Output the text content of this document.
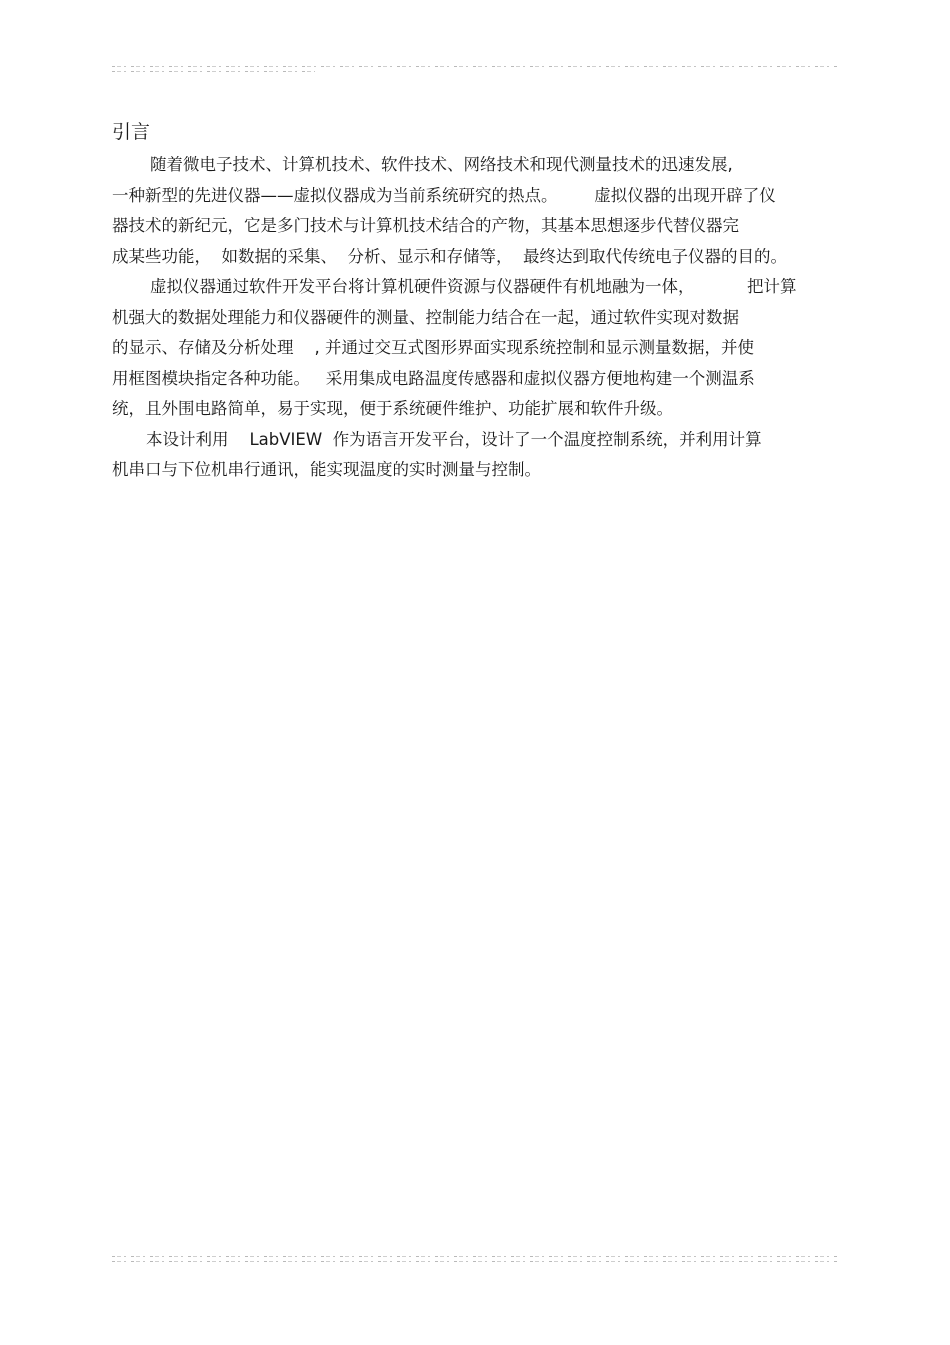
引言
随着微电子技术、计算机技术、软件技术、网络技术和现代测量技术的迅速发展,
一种新型的先进仪器——虚拟仪器成为当前系统研究的热点。       虚拟仪器的出现开辟了仪
器技术的新纪元，它是多门技术与计算机技术结合的产物，其基本思想逐步代替仪器完
成某些功能，  如数据的采集、  分析、显示和存储等，  最终达到取代传统电子仪器的目的。
虚拟仪器通过软件开发平台将计算机硬件资源与仪器硬件有机地融为一体，          把计算
机强大的数据处理能力和仪器硬件的测量、控制能力结合在一起，通过软件实现对数据
的显示、存储及分析处理    , 并通过交互式图形界面实现系统控制和显示测量数据，并使
用框图模块指定各种功能。   采用集成电路温度传感器和虚拟仪器方便地构建一个测温系
统，且外围电路简单，易于实现，便于系统硬件维护、功能扩展和软件升级。
本设计利用    LabVIEW  作为语言开发平台，设计了一个温度控制系统，并利用计算
机串口与下位机串行通讯，能实现温度的实时测量与控制。
